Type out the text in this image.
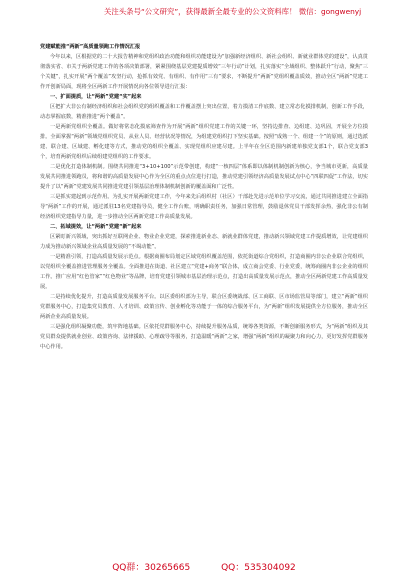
关注头条号“公文研究”，获得最新全最专业的公文资料库！ 微信：gongwenyj

党建赋能推“两新”高质量领跑工作情况汇报

今年以来，区根据党的二十大报告精神和党组织政治功能和组织功能建设为“加强新经济组织、新社会组织、新就业群体党的建设”，认真贯彻落实省、市关于两新党建工作的各项决策部署，紧紧围绕基层党建提质增效“三年行动”计划，扎实落实“全域组织、整体跃升”行动，聚焦“三个关键”，扎实开展“两个覆盖”攻坚行动，抢抓有效党、有组织、有作用“三有”要求，不断提升“两新”党组织覆盖质效，推动全区“两新”党建工作开创新局面，现将全区两新工作开展情况向各位领导进行汇报：

一、扩面提质，让“两新”党建“实”起来

区把扩大非公有制经济组织和社会组织党的组织覆盖和工作覆盖摆上突出位置，着力摸清工作底数、建立常态化摸排机制，创新工作手段，动态掌握底数，精准推进“两个覆盖”。

一是两新党组织全覆盖。做好将常态化摸底筛查作为开展“两新”组织党建工作的关键一环，坚持边排查、边组建、边巩固，开展全方位摸排。全面掌握“两新”领域党组织党员、从业人员、经营状况等情况，为组建党组织打下坚实基础。按照“成熟一个、组建一个”的原则，通过选派建、联合建、区域建、孵化建等方式，推动党的组织全覆盖、实现党组织应建尽建。上半年在全区范围内新建单独党支部1个，联合党支部3个，培育两新党组织后续组建党组织的工作要求。

二是优化打造体制机制。围绕共同推进“3+10+100”示范带创建，构建“一核四层”体系即以体制机制创新为核心，争当城市更新，高质量发展共同推进领跑员，将和谐的高质量发展中心作为全区的重点点位进行打造，推动党建引领经济高质量发展试点中心“四联四促”工作法，切实提升了以“两新”党建发展共同推进党建引领基层治理体制机制创新的覆盖面和广泛性。

三是抓实建起到示范作用。为扎实开展两新党建工作，今年来先后组织村（社区）干部赴先进示范单位学习交流，通过共同推进建立全面指导“两新”工作的开展，通过派驻13名党建指导员，健全工作台账，明确职责任务，加强日常管理，鼓励退休党员干部发挥余热，强化非公有制经济组织党建指导力量，进一步推动全区两新党建工作高质量发展。

二、拓域提效，让“两新”党建“新”起来

区紧盯新兴领域，突出抓好互联网企业、物业企业党建，探索推进新业态、新就业群体党建，推动新兴领域党建工作提质增效，让党建组织力成为推动新兴领域企业高质量发展的“不竭动能”。

一是精准引领，打造高质量发展示范点。根据商圈布局划定区域党组织覆盖范围，依托街道综合党组织，打造商圈内非公企业联合党组织，以党组织全覆盖推进管理服务全覆盖。全面推进在街道、社区建立“党建+商务”联合体，成立商会党委、行业党委，统筹商圈内非公企业的组织工作。推广应用“红色管家”“红色物业”等品牌，培育党建引领城市基层治理示范点，打造出高质量发展示范点，推动全区两新党建工作高质量发展。

二是持续优化提升，打造高质量发展服务平台。以区委组织部为主导，联合区委统战部、区工商联、区市场监管局等部门，建立“两新”组织党群服务中心，打造集党员教育、人才培训、政策宣传、创业孵化等功能于一体的综合服务平台，为“两新”组织发展提供全方位服务，推动全区两新企业高质量发展。

三是强化组织凝聚功能，筑牢阵地基础。区依托党群服务中心，持续提升服务品质，统筹各类资源，不断创新服务形式，为“两新”组织及其党员群众提供就业创业、政策咨询、法律援助、心理疏导等服务，打造温暖“两新”之家，增强“两新”组织的凝聚力和向心力，更好发挥党群服务中心作用。

QQ群：30265665	QQ：535304092
